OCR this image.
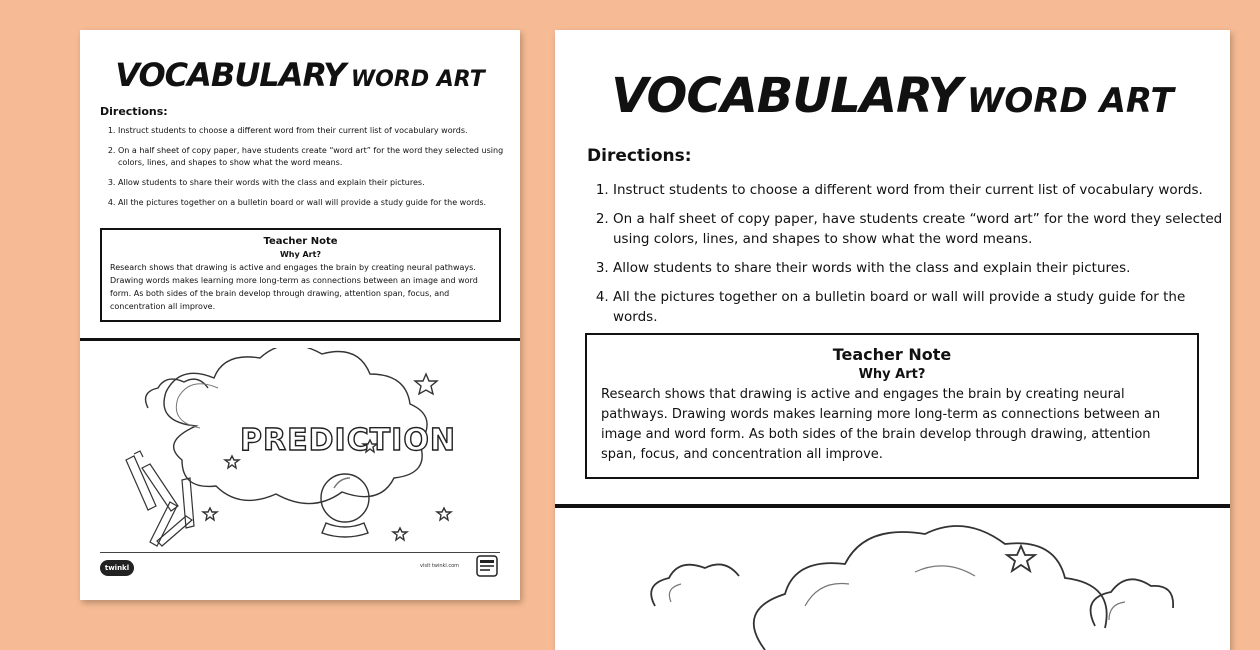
VOCABULARY WORD ART
Directions:
1. Instruct students to choose a different word from their current list of vocabulary words.
2. On a half sheet of copy paper, have students create “word art” for the word they selected using colors, lines, and shapes to show what the word means.
3. Allow students to share their words with the class and explain their pictures.
4. All the pictures together on a bulletin board or wall will provide a study guide for the words.
Teacher Note
Why Art?
Research shows that drawing is active and engages the brain by creating neural pathways. Drawing words makes learning more long-term as connections between an image and word form. As both sides of the brain develop through drawing, attention span, focus, and concentration all improve.
PREDICTION
twinkl	visit twinkl.com
VOCABULARY WORD ART
Directions:
1. Instruct students to choose a different word from their current list of vocabulary words.
2. On a half sheet of copy paper, have students create “word art” for the word they selected using colors, lines, and shapes to show what the word means.
3. Allow students to share their words with the class and explain their pictures.
4. All the pictures together on a bulletin board or wall will provide a study guide for the words.
Teacher Note
Why Art?
Research shows that drawing is active and engages the brain by creating neural pathways. Drawing words makes learning more long-term as connections between an image and word form. As both sides of the brain develop through drawing, attention span, focus, and concentration all improve.
